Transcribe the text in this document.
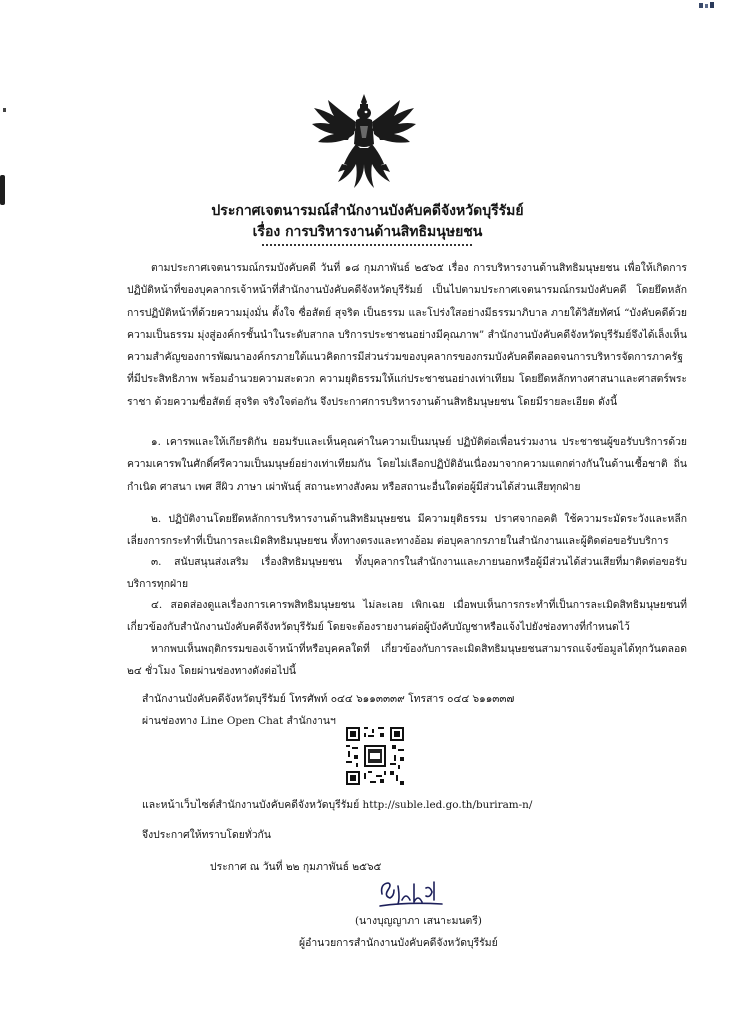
ประกาศเจตนารมณ์สำนักงานบังคับคดีจังหวัดบุรีรัมย์
เรื่อง การบริหารงานด้านสิทธิมนุษยชน

ตามประกาศเจตนารมณ์กรมบังคับคดี วันที่ ๑๘ กุมภาพันธ์ ๒๕๖๕ เรื่อง การบริหารงานด้านสิทธิมนุษยชน เพื่อให้เกิดการปฏิบัติหน้าที่ของบุคลากรเจ้าหน้าที่สำนักงานบังคับคดีจังหวัดบุรีรัมย์ เป็นไปตามประกาศเจตนารมณ์กรมบังคับคดี โดยยึดหลักการปฏิบัติหน้าที่ด้วยความมุ่งมั่น ตั้งใจ ซื่อสัตย์ สุจริต เป็นธรรม และโปร่งใสอย่างมีธรรมาภิบาล ภายใต้วิสัยทัศน์ “บังคับคดีด้วยความเป็นธรรม มุ่งสู่องค์กรชั้นนำในระดับสากล บริการประชาชนอย่างมีคุณภาพ” สำนักงานบังคับคดีจังหวัดบุรีรัมย์จึงได้เล็งเห็นความสำคัญของการพัฒนาองค์กรภายใต้แนวคิดการมีส่วนร่วมของบุคลากรของกรมบังคับคดีตลอดจนการบริหารจัดการภาครัฐที่มีประสิทธิภาพ พร้อมอำนวยความสะดวก ความยุติธรรมให้แก่ประชาชนอย่างเท่าเทียม โดยยึดหลักทางศาสนาและศาสตร์พระราชา ด้วยความซื่อสัตย์ สุจริต จริงใจต่อกัน จึงประกาศการบริหารงานด้านสิทธิมนุษยชน โดยมีรายละเอียด ดังนี้

๑. เคารพและให้เกียรติกัน ยอมรับและเห็นคุณค่าในความเป็นมนุษย์ ปฏิบัติต่อเพื่อนร่วมงาน ประชาชนผู้ขอรับบริการด้วยความเคารพในศักดิ์ศรีความเป็นมนุษย์อย่างเท่าเทียมกัน โดยไม่เลือกปฏิบัติอันเนื่องมาจากความแตกต่างกันในด้านเชื้อชาติ ถิ่นกำเนิด ศาสนา เพศ สีผิว ภาษา เผ่าพันธุ์ สถานะทางสังคม หรือสถานะอื่นใดต่อผู้มีส่วนได้ส่วนเสียทุกฝ่าย

๒. ปฏิบัติงานโดยยึดหลักการบริหารงานด้านสิทธิมนุษยชน มีความยุติธรรม ปราศจากอคติ ใช้ความระมัดระวังและหลีกเลี่ยงการกระทำที่เป็นการละเมิดสิทธิมนุษยชน ทั้งทางตรงและทางอ้อม ต่อบุคลากรภายในสำนักงานและผู้ติดต่อขอรับบริการ

๓. สนับสนุนส่งเสริม เรื่องสิทธิมนุษยชน ทั้งบุคลากรในสำนักงานและภายนอกหรือผู้มีส่วนได้ส่วนเสียที่มาติดต่อขอรับบริการทุกฝ่าย

๔. สอดส่องดูแลเรื่องการเคารพสิทธิมนุษยชน ไม่ละเลย เพิกเฉย เมื่อพบเห็นการกระทำที่เป็นการละเมิดสิทธิมนุษยชนที่เกี่ยวข้องกับสำนักงานบังคับคดีจังหวัดบุรีรัมย์ โดยจะต้องรายงานต่อผู้บังคับบัญชาหรือแจ้งไปยังช่องทางที่กำหนดไว้

หากพบเห็นพฤติกรรมของเจ้าหน้าที่หรือบุคคลใดที่ เกี่ยวข้องกับการละเมิดสิทธิมนุษยชนสามารถแจ้งข้อมูลได้ทุกวันตลอด ๒๔ ชั่วโมง โดยผ่านช่องทางดังต่อไปนี้

สำนักงานบังคับคดีจังหวัดบุรีรัมย์ โทรศัพท์ ๐๔๔ ๖๑๑๓๓๓๙ โทรสาร ๐๔๔ ๖๑๑๓๓๗
ผ่านช่องทาง Line Open Chat สำนักงานฯ
และหน้าเว็บไซต์สำนักงานบังคับคดีจังหวัดบุรีรัมย์ http://suble.led.go.th/buriram-n/
จึงประกาศให้ทราบโดยทั่วกัน
ประกาศ ณ วันที่ ๒๒ กุมภาพันธ์ ๒๕๖๕
(นางบุญญาภา เสนาะมนตรี)
ผู้อำนวยการสำนักงานบังคับคดีจังหวัดบุรีรัมย์
